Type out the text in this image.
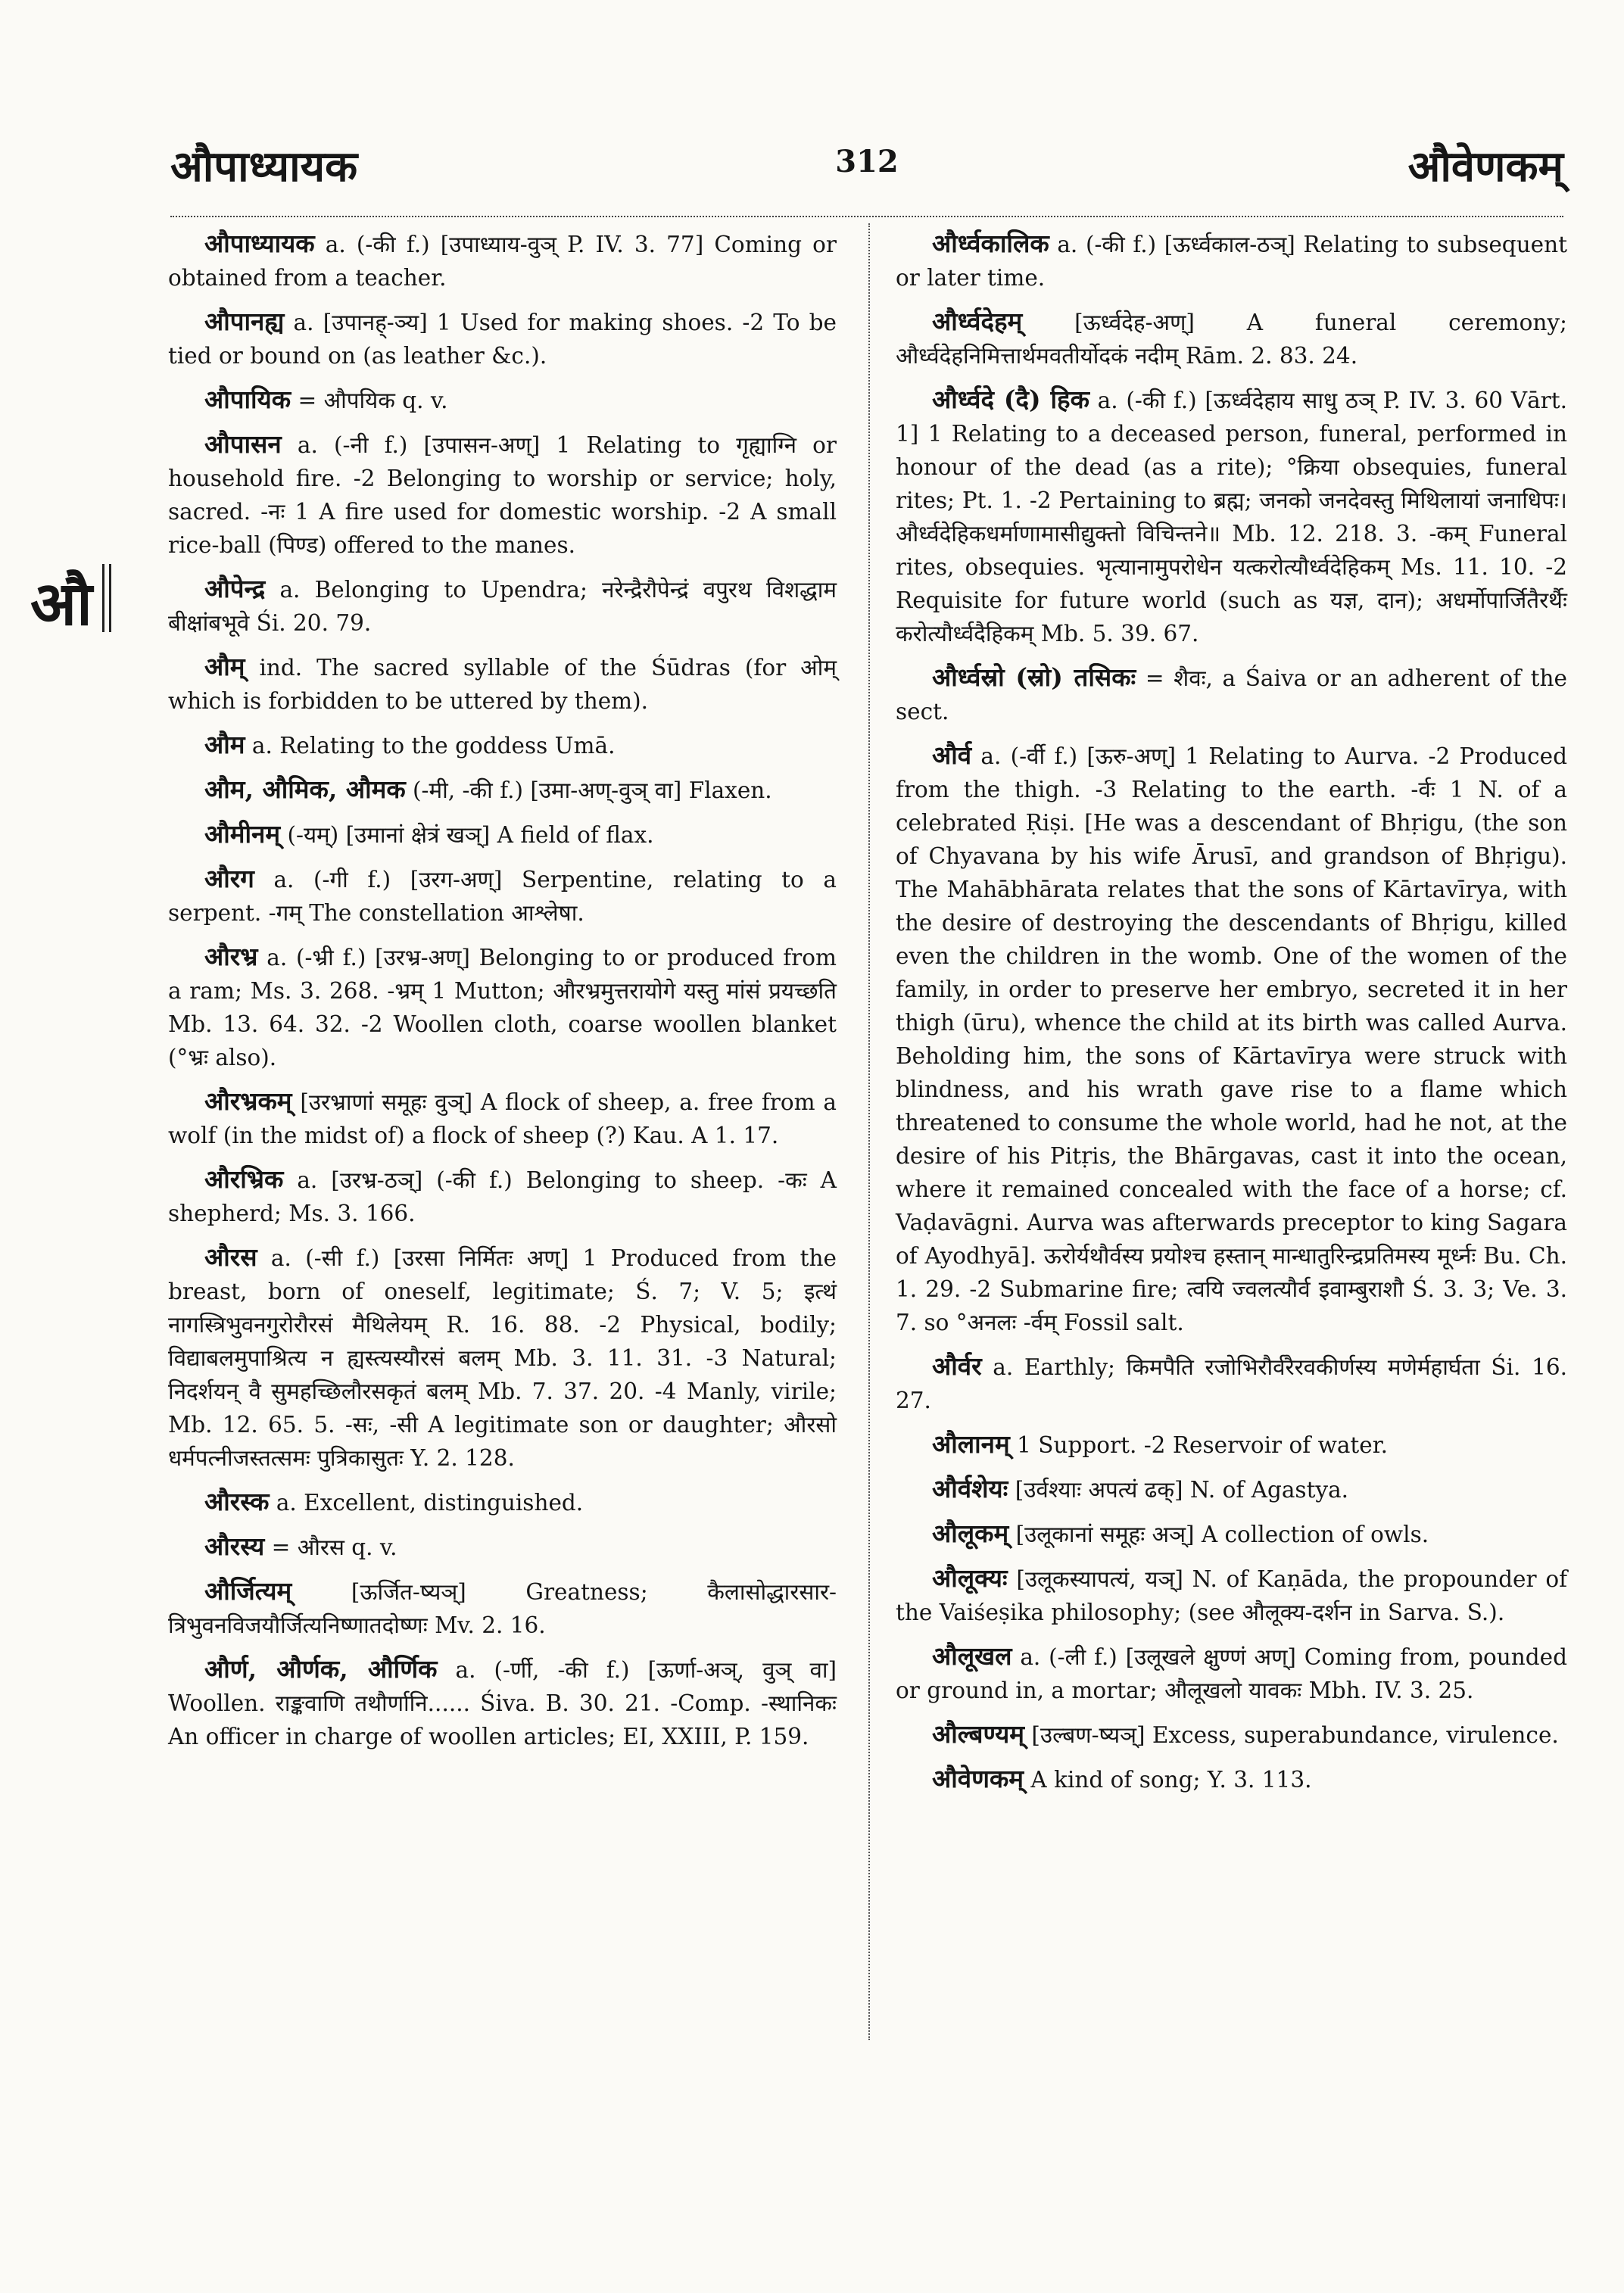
औपाध्यायक	312	औवेणकम्
औ

औपाध्यायक a. (-की f.) [उपाध्याय-वुञ् P. IV. 3. 77] Coming or obtained from a teacher.

औपानह्य a. [उपानह्-ञ्य] 1 Used for making shoes. -2 To be tied or bound on (as leather &c.).

औपायिक = औपयिक q. v.

औपासन a. (-नी f.) [उपासन-अण्] 1 Relating to गृह्याग्नि or household fire. -2 Belonging to worship or service; holy, sacred. -नः 1 A fire used for domestic worship. -2 A small rice-ball (पिण्ड) offered to the manes.

औपेन्द्र a. Belonging to Upendra; नरेन्द्रैरौपेन्द्रं वपुरथ विशद्धाम बीक्षांबभूवे Śi. 20. 79.

औम् ind. The sacred syllable of the Śūdras (for ओम् which is forbidden to be uttered by them).

औम a. Relating to the goddess Umā.

औम, औमिक, औमक (-मी, -की f.) [उमा-अण्-वुञ् वा] Flaxen.

औमीनम् (-यम्) [उमानां क्षेत्रं खञ्] A field of flax.

औरग a. (-गी f.) [उरग-अण्] Serpentine, relating to a serpent. -गम् The constellation आश्लेषा.

औरभ्र a. (-भ्री f.) [उरभ्र-अण्] Belonging to or produced from a ram; Ms. 3. 268. -भ्रम् 1 Mutton; औरभ्रमुत्तरायोगे यस्तु मांसं प्रयच्छति Mb. 13. 64. 32. -2 Woollen cloth, coarse woollen blanket (°भ्रः also).

औरभ्रकम् [उरभ्राणां समूहः वुञ्] A flock of sheep, a. free from a wolf (in the midst of) a flock of sheep (?) Kau. A 1. 17.

औरभ्रिक a. [उरभ्र-ठञ्] (-की f.) Belonging to sheep. -कः A shepherd; Ms. 3. 166.

औरस a. (-सी f.) [उरसा निर्मितः अण्] 1 Produced from the breast, born of oneself, legitimate; Ś. 7; V. 5; इत्थं नागस्त्रिभुवनगुरोरौरसं मैथिलेयम् R. 16. 88. -2 Physical, bodily; विद्याबलमुपाश्रित्य न ह्यस्त्यस्यौरसं बलम् Mb. 3. 11. 31. -3 Natural; निदर्शयन् वै सुमहच्छिलौरसकृतं बलम् Mb. 7. 37. 20. -4 Manly, virile; Mb. 12. 65. 5. -सः, -सी A legitimate son or daughter; औरसो धर्मपत्नीजस्तत्समः पुत्रिकासुतः Y. 2. 128.

औरस्क a. Excellent, distinguished.

औरस्य = औरस q. v.

और्जित्यम् [ऊर्जित-ष्यञ्] Greatness; कैलासोद्धारसार-त्रिभुवनविजयौर्जित्यनिष्णातदोष्णः Mv. 2. 16.

और्ण, और्णक, और्णिक a. (-र्णी, -की f.) [ऊर्णा-अञ्, वुञ् वा] Woollen. राङ्कवाणि तथौर्णानि...... Śiva. B. 30. 21. -Comp. -स्थानिकः An officer in charge of woollen articles; EI, XXIII, P. 159.

और्ध्वकालिक a. (-की f.) [ऊर्ध्वकाल-ठञ्] Relating to subsequent or later time.

और्ध्वदेहम् [ऊर्ध्वदेह-अण्] A funeral ceremony; और्ध्वदेहनिमित्तार्थमवतीर्योदकं नदीम् Rām. 2. 83. 24.

और्ध्वदे (दै) हिक a. (-की f.) [ऊर्ध्वदेहाय साधु ठञ् P. IV. 3. 60 Vārt. 1] 1 Relating to a deceased person, funeral, performed in honour of the dead (as a rite); °क्रिया obsequies, funeral rites; Pt. 1. -2 Pertaining to ब्रह्म; जनको जनदेवस्तु मिथिलायां जनाधिपः। और्ध्वदेहिकधर्माणामासीद्युक्तो विचिन्तने॥ Mb. 12. 218. 3. -कम् Funeral rites, obsequies. भृत्यानामुपरोधेन यत्करोत्यौर्ध्वदेहिकम् Ms. 11. 10. -2 Requisite for future world (such as यज्ञ, दान); अधर्मोपार्जितैरर्थैः करोत्यौर्ध्वदैहिकम् Mb. 5. 39. 67.

और्ध्वस्रो (स्रो) तसिकः = शैवः, a Śaiva or an adherent of the sect.

और्व a. (-र्वी f.) [ऊरु-अण्] 1 Relating to Aurva. -2 Produced from the thigh. -3 Relating to the earth. -र्वः 1 N. of a celebrated Ṛiṣi. [He was a descendant of Bhṛigu, (the son of Chyavana by his wife Ārusī, and grandson of Bhṛigu). The Mahābhārata relates that the sons of Kārtavīrya, with the desire of destroying the descendants of Bhṛigu, killed even the children in the womb. One of the women of the family, in order to preserve her embryo, secreted it in her thigh (ūru), whence the child at its birth was called Aurva. Beholding him, the sons of Kārtavīrya were struck with blindness, and his wrath gave rise to a flame which threatened to consume the whole world, had he not, at the desire of his Pitṛis, the Bhārgavas, cast it into the ocean, where it remained concealed with the face of a horse; cf. Vaḍavāgni. Aurva was afterwards preceptor to king Sagara of Ayodhyā]. ऊरोर्यथौर्वस्य प्रयोश्च हस्तान् मान्धातुरिन्द्रप्रतिमस्य मूर्ध्नः Bu. Ch. 1. 29. -2 Submarine fire; त्वयि ज्वलत्यौर्व इवाम्बुराशौ Ś. 3. 3; Ve. 3. 7. so °अनलः -र्वम् Fossil salt.

और्वर a. Earthly; किमपैति रजोभिरौर्वरैरवकीर्णस्य मणेर्महार्घता Śi. 16. 27.

औलानम् 1 Support. -2 Reservoir of water.

और्वशेयः [उर्वश्याः अपत्यं ढक्] N. of Agastya.

औलूकम् [उलूकानां समूहः अञ्] A collection of owls.

औलूक्यः [उलूकस्यापत्यं, यञ्] N. of Kaṇāda, the propounder of the Vaiśeṣika philosophy; (see औलूक्य-दर्शन in Sarva. S.).

औलूखल a. (-ली f.) [उलूखले क्षुण्णं अण्] Coming from, pounded or ground in, a mortar; औलूखलो यावकः Mbh. IV. 3. 25.

औल्बण्यम् [उल्बण-ष्यञ्] Excess, superabundance, virulence.

औवेणकम् A kind of song; Y. 3. 113.
